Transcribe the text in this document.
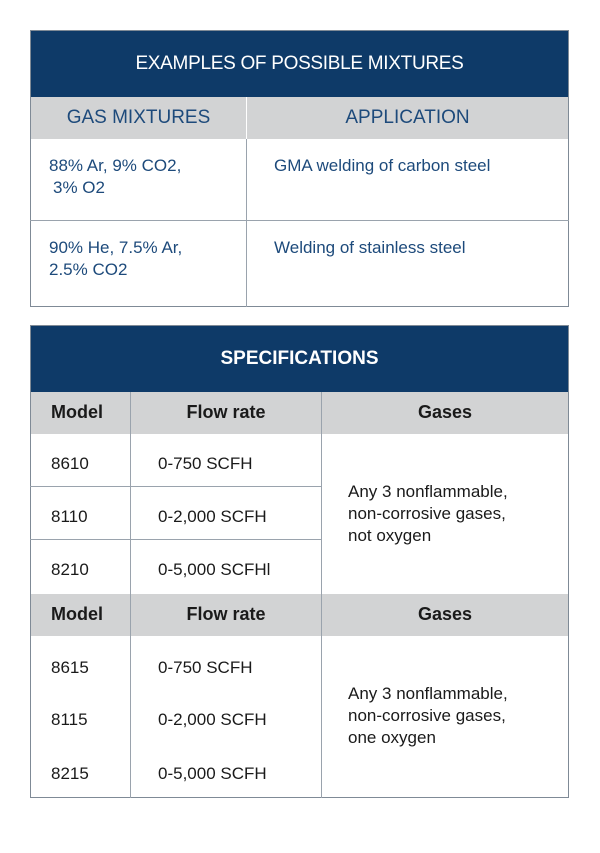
EXAMPLES OF POSSIBLE MIXTURES	
GAS MIXTURES	APPLICATION

88% Ar, 9% CO2,
3% O2	GMA welding of carbon steel

90% He, 7.5% Ar,
2.5% CO2	Welding of stainless steel
SPECIFICATIONS		
Model	Flow rate	Gases
8610	0-750 SCFH	Any 3 nonflammable,
non-corrosive gases,
not oxygen

8110	0-2,000 SCFH	
8210	0-5,000 SCFHl	
Model	Flow rate	Gases
8615	0-750 SCFH	Any 3 nonflammable,
non-corrosive gases,
one oxygen

8115	0-2,000 SCFH	
8215	0-5,000 SCFH	
